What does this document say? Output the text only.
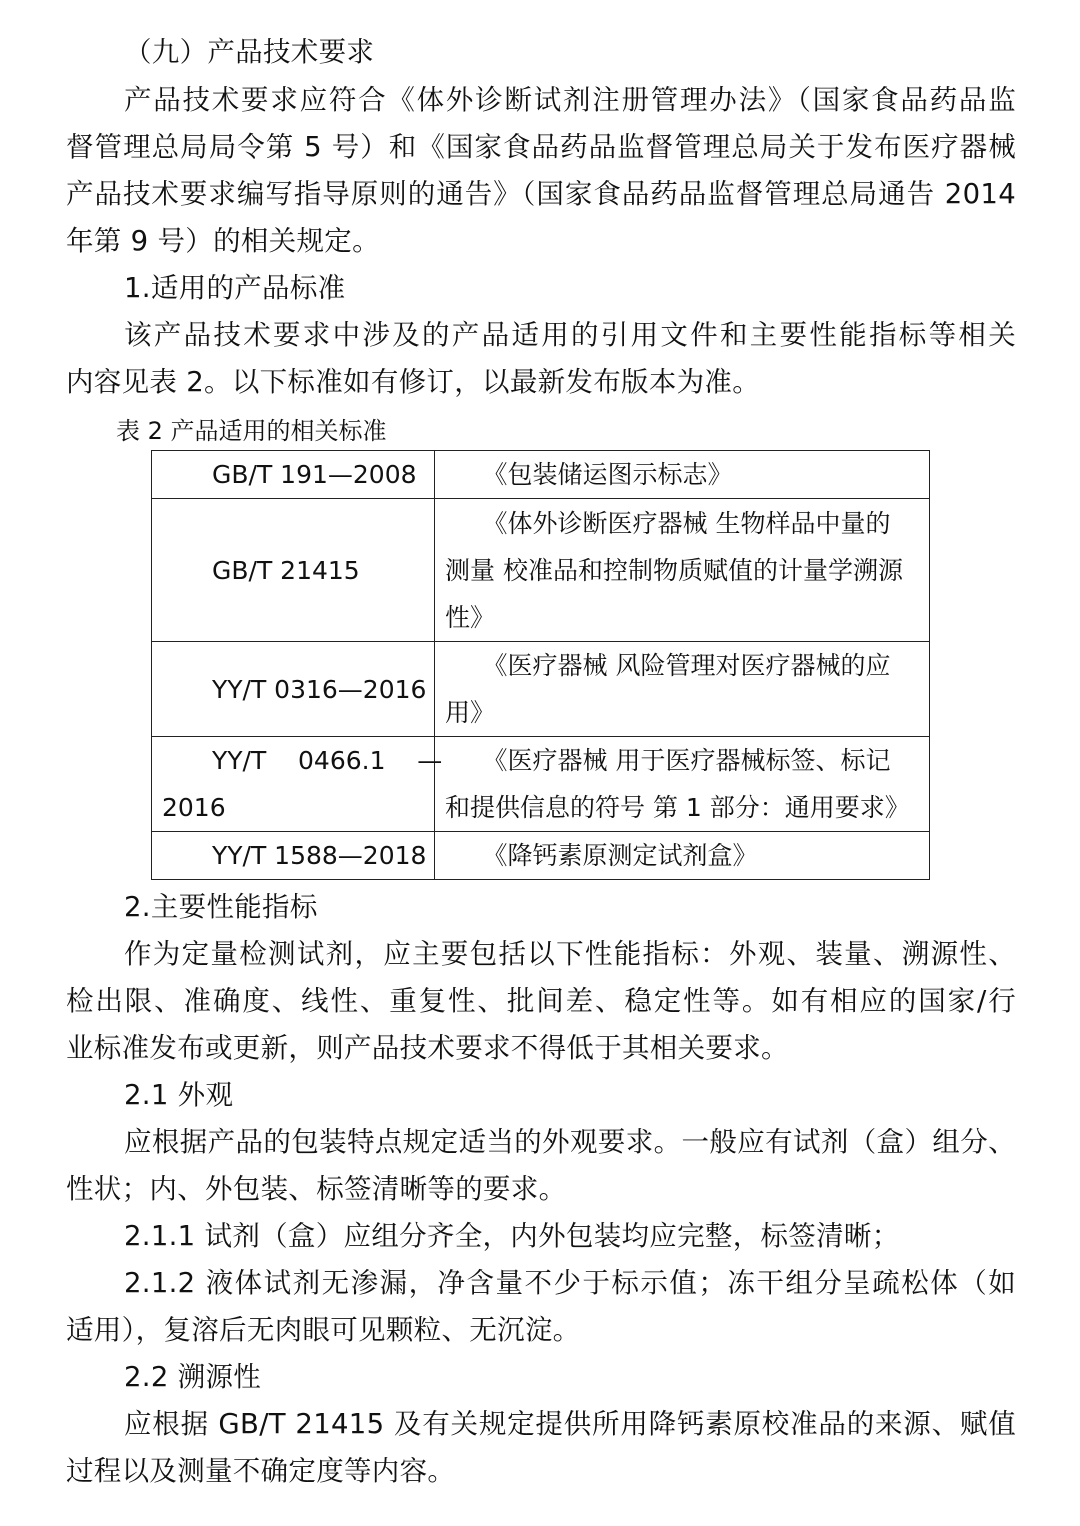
（九）产品技术要求
产品技术要求应符合《体外诊断试剂注册管理办法》（国家食品药品监
督管理总局局令第 5 号）和《国家食品药品监督管理总局关于发布医疗器械
产品技术要求编写指导原则的通告》（国家食品药品监督管理总局通告 2014
年第 9 号）的相关规定。
1.适用的产品标准
该产品技术要求中涉及的产品适用的引用文件和主要性能指标等相关
内容见表 2。以下标准如有修订，以最新发布版本为准。
表 2 产品适用的相关标准
GB/T 191—2008	　　《包装储运图示标志》

GB/T 21415	　　《体外诊断医疗器械 生物样品中量的
测量 校准品和控制物质赋值的计量学溯源
性》

YY/T 0316—2016	　　《医疗器械 风险管理对医疗器械的应
用》

YY/T    0466.1    —
2016	　　《医疗器械 用于医疗器械标签、标记
和提供信息的符号 第 1 部分：通用要求》

YY/T 1588—2018	　　《降钙素原测定试剂盒》
2.主要性能指标
作为定量检测试剂，应主要包括以下性能指标：外观、装量、溯源性、
检出限、准确度、线性、重复性、批间差、稳定性等。如有相应的国家/行
业标准发布或更新，则产品技术要求不得低于其相关要求。
2.1 外观
应根据产品的包装特点规定适当的外观要求。一般应有试剂（盒）组分、
性状；内、外包装、标签清晰等的要求。
2.1.1 试剂（盒）应组分齐全，内外包装均应完整，标签清晰；
2.1.2 液体试剂无渗漏，净含量不少于标示值；冻干组分呈疏松体（如
适用），复溶后无肉眼可见颗粒、无沉淀。
2.2 溯源性
应根据 GB/T 21415 及有关规定提供所用降钙素原校准品的来源、赋值
过程以及测量不确定度等内容。
